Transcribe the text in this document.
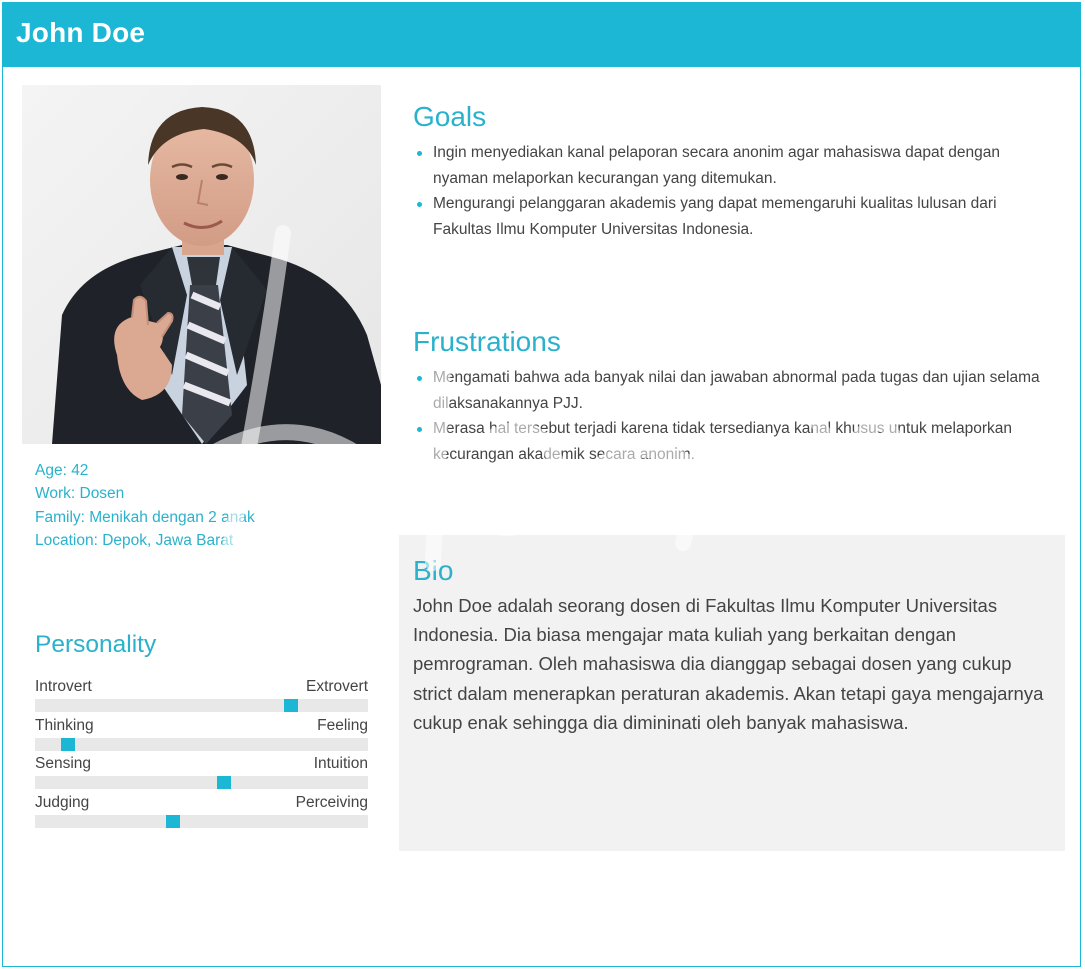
John Doe
Age: 42
Work: Dosen
Family: Menikah dengan 2 anak
Location: Depok, Jawa Barat
Personality
Introvert	Extrovert
Thinking	Feeling
Sensing	Intuition
Judging	Perceiving
Goals
Ingin menyediakan kanal pelaporan secara anonim agar mahasiswa dapat dengan nyaman melaporkan kecurangan yang ditemukan.
Mengurangi pelanggaran akademis yang dapat memengaruhi kualitas lulusan dari Fakultas Ilmu Komputer Universitas Indonesia.
Frustrations
Mengamati bahwa ada banyak nilai dan jawaban abnormal pada tugas dan ujian selama dilaksanakannya PJJ.
Merasa hal tersebut terjadi karena tidak tersedianya kanal khusus untuk melaporkan kecurangan akademik secara anonim.
Bio

John Doe adalah seorang dosen di Fakultas Ilmu Komputer Universitas Indonesia. Dia biasa mengajar mata kuliah yang berkaitan dengan pemrograman. Oleh mahasiswa dia dianggap sebagai dosen yang cukup strict dalam menerapkan peraturan akademis. Akan tetapi gaya mengajarnya cukup enak sehingga dia dimininati oleh banyak mahasiswa.
